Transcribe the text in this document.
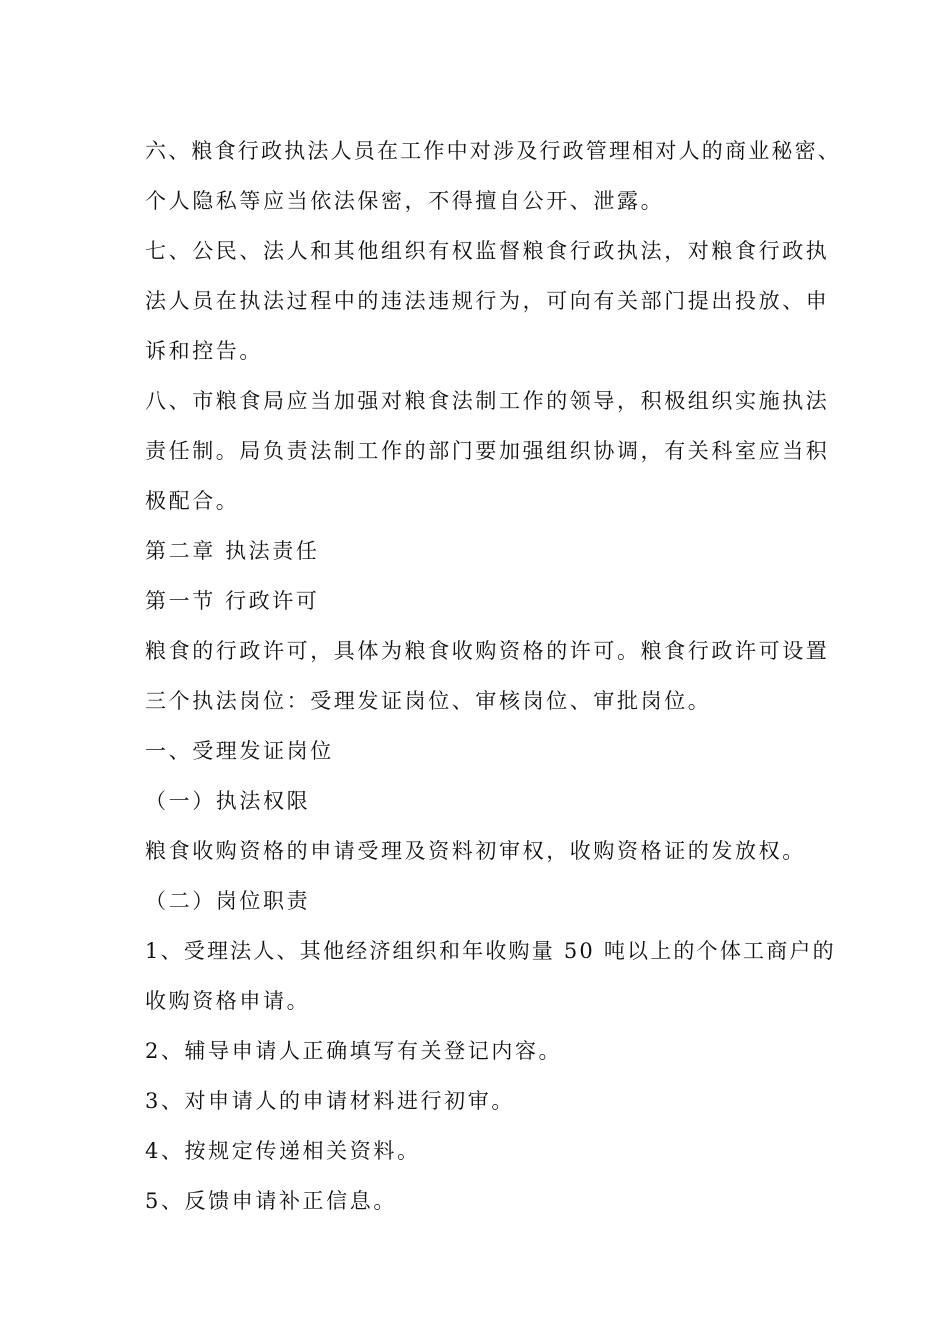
六、粮食行政执法人员在工作中对涉及行政管理相对人的商业秘密、

个人隐私等应当依法保密，不得擅自公开、泄露。

七、公民、法人和其他组织有权监督粮食行政执法，对粮食行政执

法人员在执法过程中的违法违规行为，可向有关部门提出投放、申

诉和控告。

八、市粮食局应当加强对粮食法制工作的领导，积极组织实施执法

责任制。局负责法制工作的部门要加强组织协调，有关科室应当积

极配合。

第二章 执法责任

第一节 行政许可

粮食的行政许可，具体为粮食收购资格的许可。粮食行政许可设置

三个执法岗位：受理发证岗位、审核岗位、审批岗位。

一、受理发证岗位

（一）执法权限

粮食收购资格的申请受理及资料初审权，收购资格证的发放权。

（二）岗位职责

1、受理法人、其他经济组织和年收购量 50 吨以上的个体工商户的

收购资格申请。

2、辅导申请人正确填写有关登记内容。

3、对申请人的申请材料进行初审。

4、按规定传递相关资料。

5、反馈申请补正信息。
